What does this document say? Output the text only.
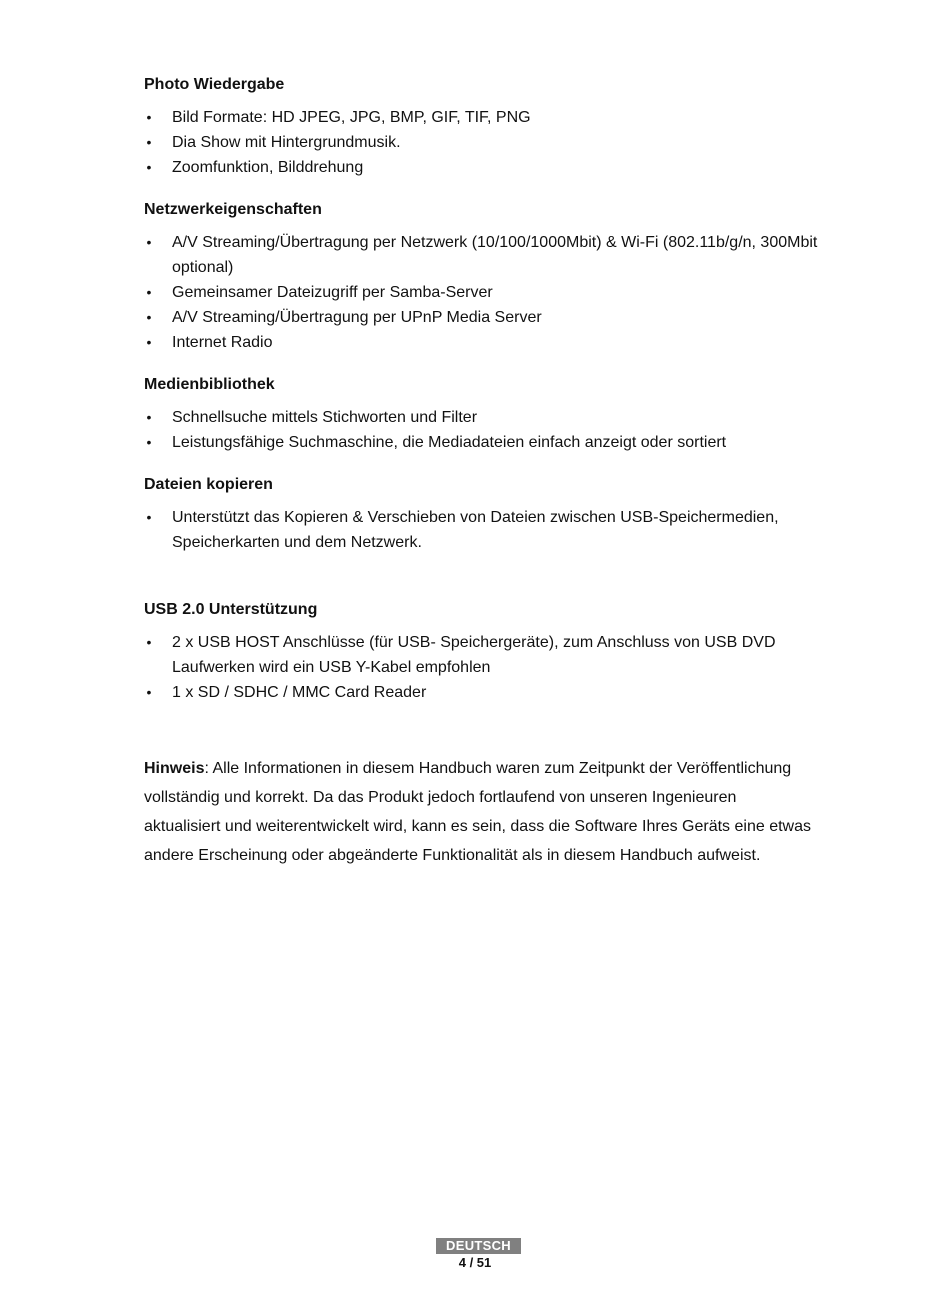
Photo Wiedergabe
• Bild Formate: HD JPEG, JPG, BMP, GIF, TIF, PNG
• Dia Show mit Hintergrundmusik.
• Zoomfunktion, Bilddrehung
Netzwerkeigenschaften
• A/V Streaming/Übertragung per Netzwerk (10/100/1000Mbit) & Wi-Fi (802.11b/g/n, 300Mbit optional)
• Gemeinsamer Dateizugriff per Samba-Server
• A/V Streaming/Übertragung per UPnP Media Server
• Internet Radio
Medienbibliothek
• Schnellsuche mittels Stichworten und Filter
• Leistungsfähige Suchmaschine, die Mediadateien einfach anzeigt oder sortiert
Dateien kopieren
• Unterstützt das Kopieren & Verschieben von Dateien zwischen USB-Speichermedien, Speicherkarten und dem Netzwerk.
USB 2.0 Unterstützung
• 2 x USB HOST Anschlüsse (für USB- Speichergeräte), zum Anschluss von USB DVD Laufwerken wird ein USB Y-Kabel empfohlen
• 1 x SD / SDHC / MMC Card Reader
Hinweis: Alle Informationen in diesem Handbuch waren zum Zeitpunkt der Veröffentlichung vollständig und korrekt. Da das Produkt jedoch fortlaufend von unseren Ingenieuren aktualisiert und weiterentwickelt wird, kann es sein, dass die Software Ihres Geräts eine etwas andere Erscheinung oder abgeänderte Funktionalität als in diesem Handbuch aufweist.
DEUTSCH
4 / 51
